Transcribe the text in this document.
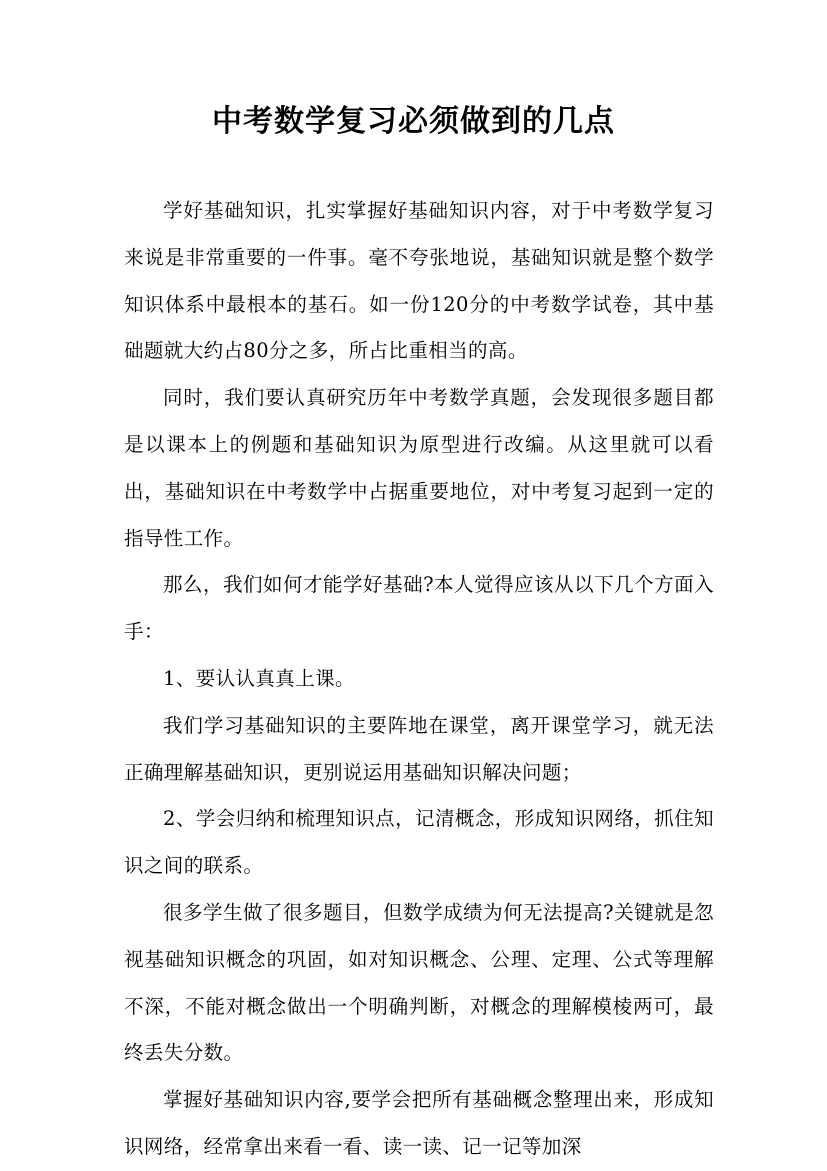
中考数学复习必须做到的几点

学好基础知识，扎实掌握好基础知识内容，对于中考数学复习来说是非常重要的一件事。毫不夸张地说，基础知识就是整个数学知识体系中最根本的基石。如一份120分的中考数学试卷，其中基础题就大约占80分之多，所占比重相当的高。

同时，我们要认真研究历年中考数学真题，会发现很多题目都是以课本上的例题和基础知识为原型进行改编。从这里就可以看出，基础知识在中考数学中占据重要地位，对中考复习起到一定的指导性工作。

那么，我们如何才能学好基础?本人觉得应该从以下几个方面入手：

1、要认认真真上课。

我们学习基础知识的主要阵地在课堂，离开课堂学习，就无法正确理解基础知识，更别说运用基础知识解决问题；

2、学会归纳和梳理知识点，记清概念，形成知识网络，抓住知识之间的联系。

很多学生做了很多题目，但数学成绩为何无法提高?关键就是忽视基础知识概念的巩固，如对知识概念、公理、定理、公式等理解不深，不能对概念做出一个明确判断，对概念的理解模棱两可，最终丢失分数。

掌握好基础知识内容,要学会把所有基础概念整理出来，形成知识网络，经常拿出来看一看、读一读、记一记等加深
